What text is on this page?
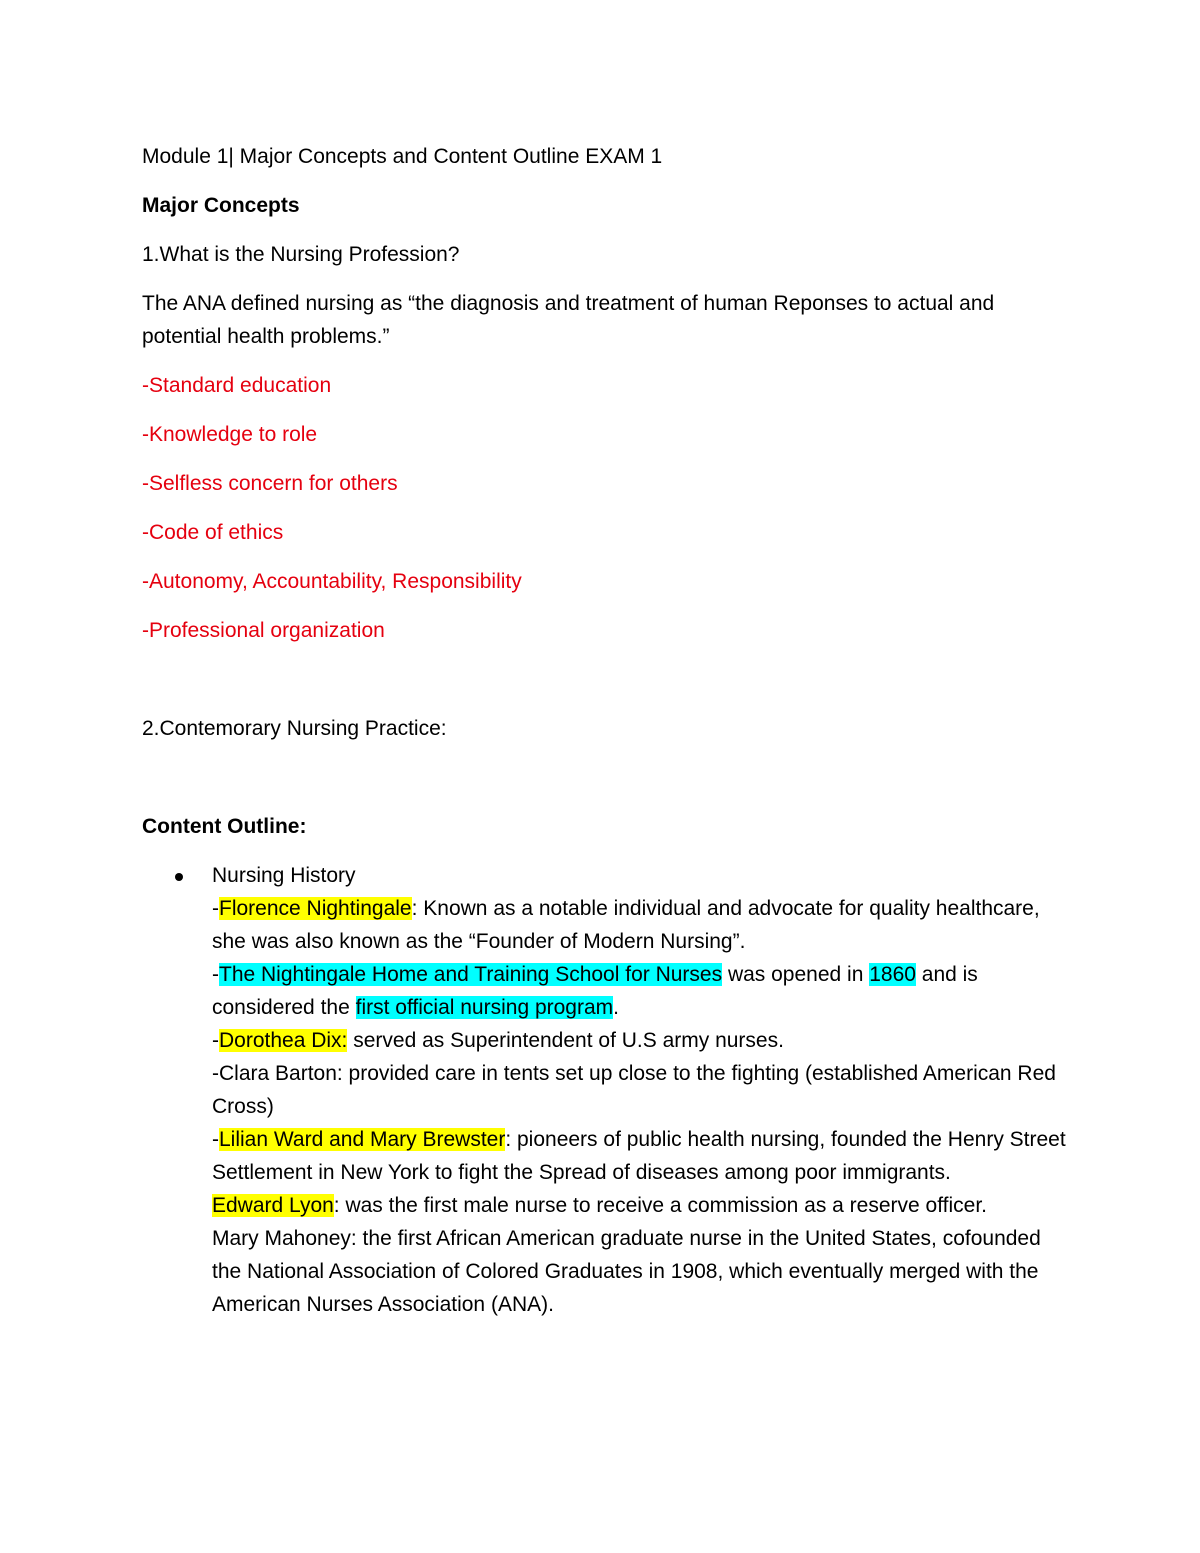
Module 1| Major Concepts and Content Outline EXAM 1

Major Concepts

1.What is the Nursing Profession?

The ANA defined nursing as “the diagnosis and treatment of human Reponses to actual and potential health problems.”

-Standard education

-Knowledge to role

-Selfless concern for others

-Code of ethics

-Autonomy, Accountability, Responsibility

-Professional organization

2.Contemorary Nursing Practice:

Content Outline:

Nursing History
-Florence Nightingale: Known as a notable individual and advocate for quality healthcare, she was also known as the “Founder of Modern Nursing”.
-The Nightingale Home and Training School for Nurses was opened in 1860 and is considered the first official nursing program.
-Dorothea Dix: served as Superintendent of U.S army nurses.
-Clara Barton: provided care in tents set up close to the fighting (established American Red Cross)
-Lilian Ward and Mary Brewster: pioneers of public health nursing, founded the Henry Street Settlement in New York to fight the Spread of diseases among poor immigrants.
Edward Lyon: was the first male nurse to receive a commission as a reserve officer.
Mary Mahoney: the first African American graduate nurse in the United States, cofounded the National Association of Colored Graduates in 1908, which eventually merged with the American Nurses Association (ANA).
